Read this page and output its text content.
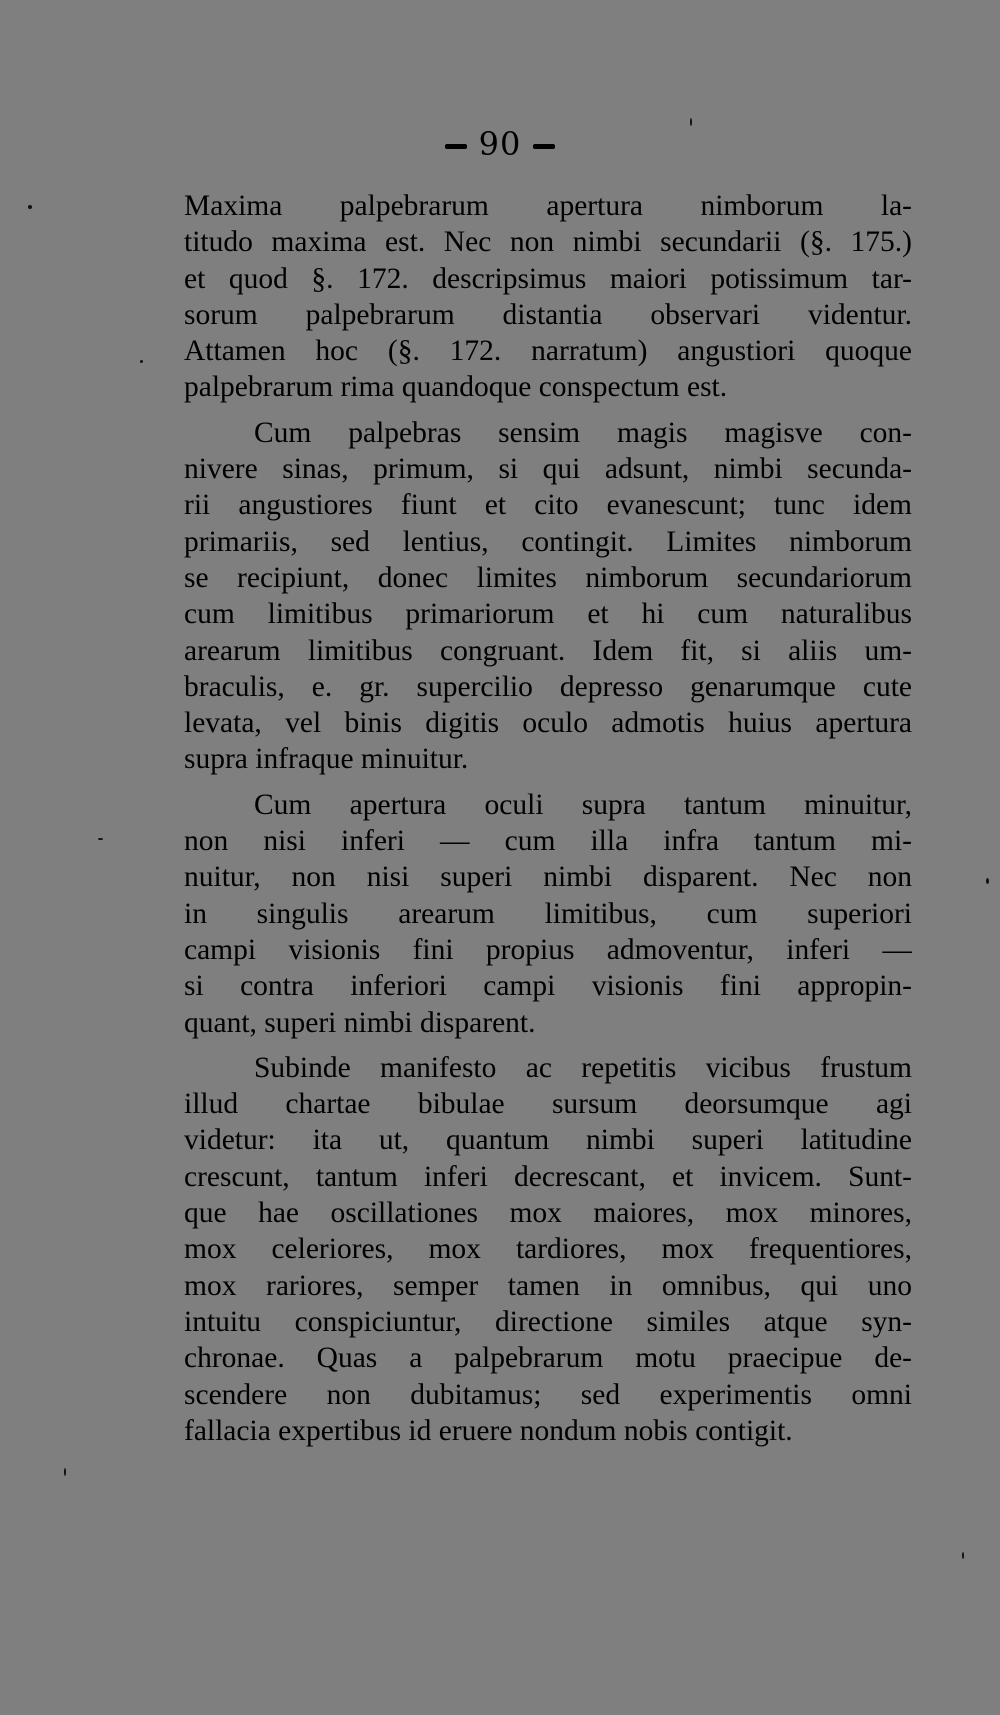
90
Maxima palpebrarum apertura nimborum la-
titudo maxima est. Nec non nimbi secundarii (§. 175.)
et quod §. 172. descripsimus maiori potissimum tar-
sorum palpebrarum distantia observari videntur.
Attamen hoc (§. 172. narratum) angustiori quoque
palpebrarum rima quandoque conspectum est.
Cum palpebras sensim magis magisve con-
nivere sinas, primum, si qui adsunt, nimbi secunda-
rii angustiores fiunt et cito evanescunt; tunc idem
primariis, sed lentius, contingit. Limites nimborum
se recipiunt, donec limites nimborum secundariorum
cum limitibus primariorum et hi cum naturalibus
arearum limitibus congruant. Idem fit, si aliis um-
braculis, e. gr. supercilio depresso genarumque cute
levata, vel binis digitis oculo admotis huius apertura
supra infraque minuitur.
Cum apertura oculi supra tantum minuitur,
non nisi inferi — cum illa infra tantum mi-
nuitur, non nisi superi nimbi disparent. Nec non
in singulis arearum limitibus, cum superiori
campi visionis fini propius admoventur, inferi —
si contra inferiori campi visionis fini appropin-
quant, superi nimbi disparent.
Subinde manifesto ac repetitis vicibus frustum
illud chartae bibulae sursum deorsumque agi
videtur: ita ut, quantum nimbi superi latitudine
crescunt, tantum inferi decrescant, et invicem. Sunt-
que hae oscillationes mox maiores, mox minores,
mox celeriores, mox tardiores, mox frequentiores,
mox rariores, semper tamen in omnibus, qui uno
intuitu conspiciuntur, directione similes atque syn-
chronae. Quas a palpebrarum motu praecipue de-
scendere non dubitamus; sed experimentis omni
fallacia expertibus id eruere nondum nobis contigit.
